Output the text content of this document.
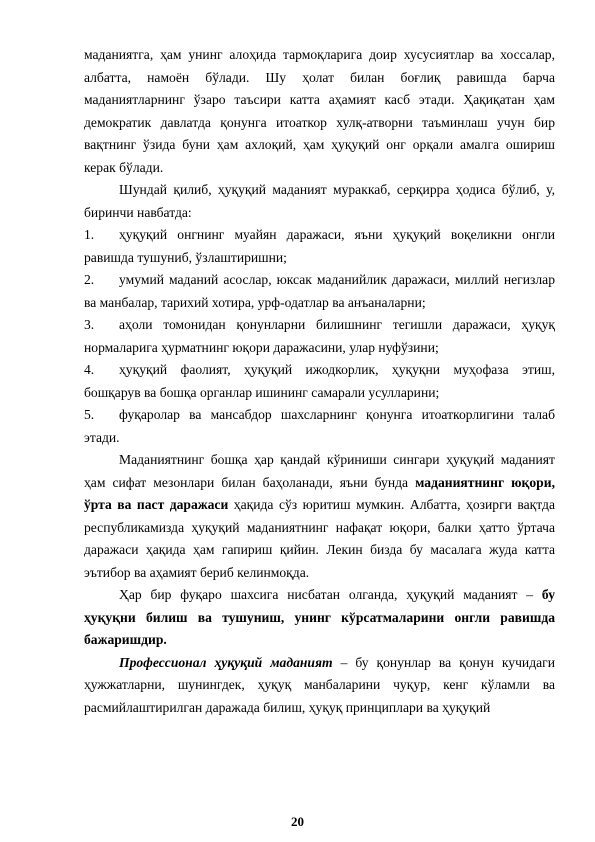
маданиятга, ҳам унинг алоҳида тармоқларига доир хусусиятлар ва хоссалар, албатта, намоён бўлади. Шу ҳолат билан боғлиқ равишда барча маданиятларнинг ўзаро таъсири катта аҳамият касб этади. Ҳақиқатан ҳам демократик давлатда қонунга итоаткор хулқ-атворни таъминлаш учун бир вақтнинг ўзида буни ҳам ахлоқий, ҳам ҳуқуқий онг орқали амалга ошириш керак бўлади.

Шундай қилиб, ҳуқуқий маданият мураккаб, серқирра ҳодиса бўлиб, у, биринчи навбатда:

1. ҳуқуқий онгнинг муайян даражаси, яъни ҳуқуқий воқеликни онгли равишда тушуниб, ўзлаштиришни;

2. умумий маданий асослар, юксак маданийлик даражаси, миллий негизлар ва манбалар, тарихий хотира, урф-одатлар ва анъаналарни;

3. аҳоли томонидан қонунларни билишнинг тегишли даражаси, ҳуқуқ нормаларига ҳурматнинг юқори даражасини, улар нуфўзини;

4. ҳуқуқий фаолият, ҳуқуқий ижодкорлик, ҳуқуқни муҳофаза этиш, бошқарув ва бошқа органлар ишининг самарали усулларини;

5. фуқаролар ва мансабдор шахсларнинг қонунга итоаткорлигини талаб этади.

Маданиятнинг бошқа ҳар қандай кўриниши сингари ҳуқуқий маданият ҳам сифат мезонлари билан баҳоланади, яъни бунда маданиятнинг юқори, ўрта ва паст даражаси ҳақида сўз юритиш мумкин. Албатта, ҳозирги вақтда республикамизда ҳуқуқий маданиятнинг нафақат юқори, балки ҳатто ўртача даражаси ҳақида ҳам гапириш қийин. Лекин бизда бу масалага жуда катта эътибор ва аҳамият бериб келинмоқда.

Ҳар бир фуқаро шахсига нисбатан олганда, ҳуқуқий маданият – бу ҳуқуқни билиш ва тушуниш, унинг кўрсатмаларини онгли равишда бажаришдир.

Профессионал ҳуқуқий маданият – бу қонунлар ва қонун кучидаги ҳужжатларни, шунингдек, ҳуқуқ манбаларини чуқур, кенг кўламли ва расмийлаштирилган даражада билиш, ҳуқуқ принциплари ва ҳуқуқий

20
